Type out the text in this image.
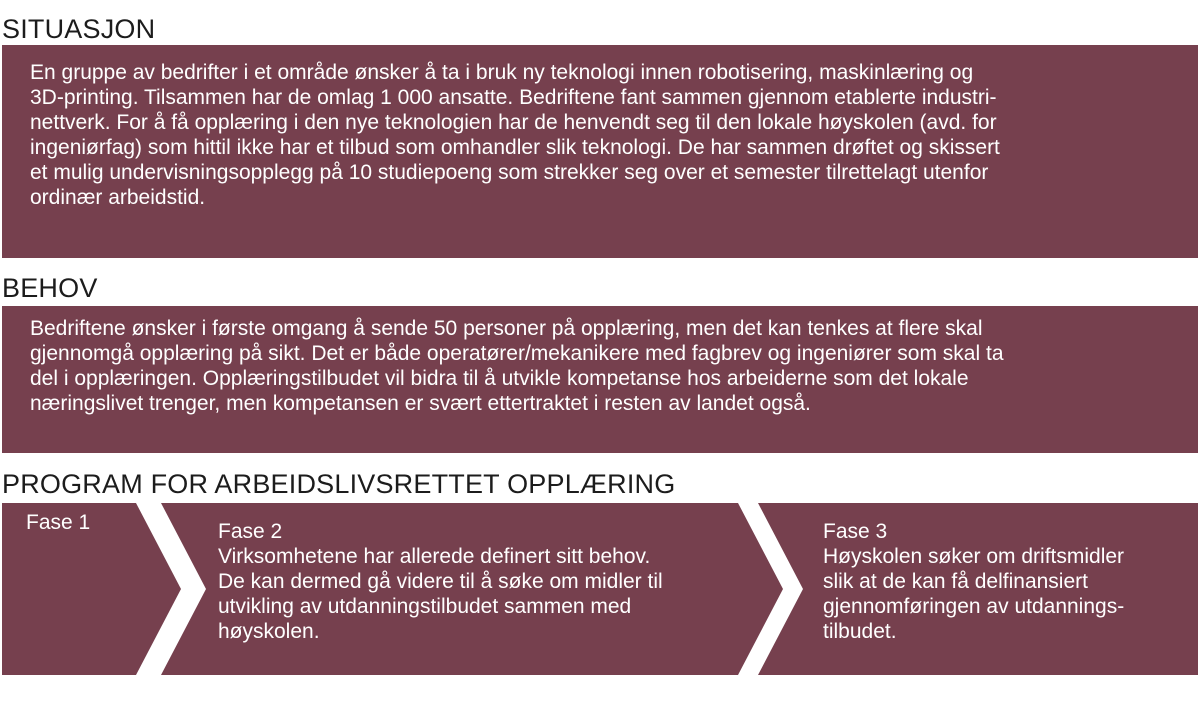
SITUASJON
En gruppe av bedrifter i et område ønsker å ta i bruk ny teknologi innen robotisering, maskinlæring og
3D-printing. Tilsammen har de omlag 1 000 ansatte. Bedriftene fant sammen gjennom etablerte industri-
nettverk. For å få opplæring i den nye teknologien har de henvendt seg til den lokale høyskolen (avd. for
ingeniørfag) som hittil ikke har et tilbud som omhandler slik teknologi. De har sammen drøftet og skissert
et mulig undervisningsopplegg på 10 studiepoeng som strekker seg over et semester tilrettelagt utenfor
ordinær arbeidstid.
BEHOV
Bedriftene ønsker i første omgang å sende 50 personer på opplæring, men det kan tenkes at flere skal
gjennomgå opplæring på sikt. Det er både operatører/mekanikere med fagbrev og ingeniører som skal ta
del i opplæringen. Opplæringstilbudet vil bidra til å utvikle kompetanse hos arbeiderne som det lokale
næringslivet trenger, men kompetansen er svært ettertraktet i resten av landet også.
PROGRAM FOR ARBEIDSLIVSRETTET OPPLÆRING
Fase 1	Fase 2
Virksomhetene har allerede definert sitt behov.
De kan dermed gå videre til å søke om midler til
utvikling av utdanningstilbudet sammen med
høyskolen.
Fase 3
Høyskolen søker om driftsmidler
slik at de kan få delfinansiert
gjennomføringen av utdannings-
tilbudet.
